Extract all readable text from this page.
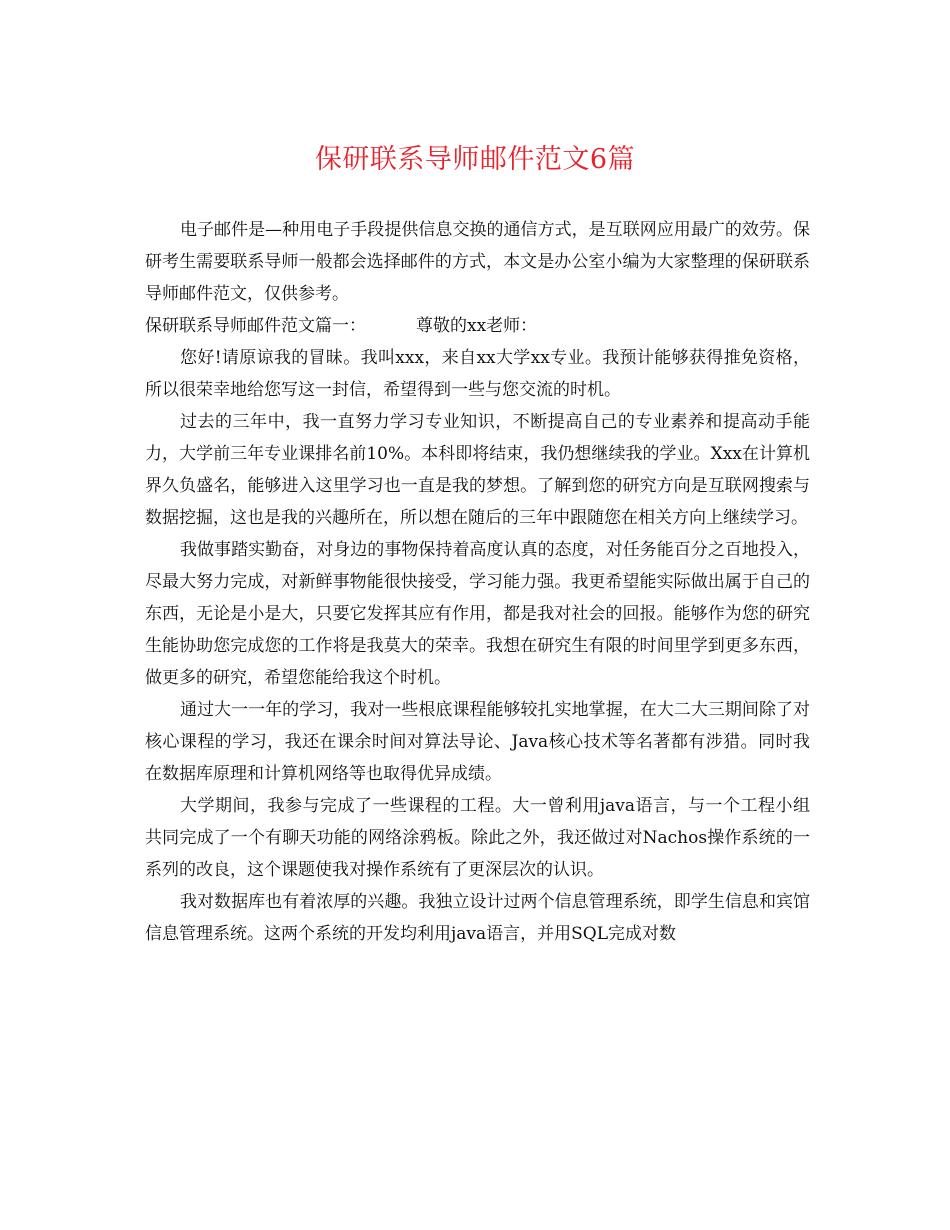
保研联系导师邮件范文6篇

电子邮件是—种用电子手段提供信息交换的通信方式，是互联网应用最广的效劳。保研考生需要联系导师一般都会选择邮件的方式，本文是办公室小编为大家整理的保研联系导师邮件范文，仅供参考。

保研联系导师邮件范文篇一：	尊敬的xx老师：

您好!请原谅我的冒昧。我叫xxx，来自xx大学xx专业。我预计能够获得推免资格，所以很荣幸地给您写这一封信，希望得到一些与您交流的时机。

过去的三年中，我一直努力学习专业知识，不断提高自己的专业素养和提高动手能力，大学前三年专业课排名前10%。本科即将结束，我仍想继续我的学业。Xxx在计算机界久负盛名，能够进入这里学习也一直是我的梦想。了解到您的研究方向是互联网搜索与数据挖掘，这也是我的兴趣所在，所以想在随后的三年中跟随您在相关方向上继续学习。

我做事踏实勤奋，对身边的事物保持着高度认真的态度，对任务能百分之百地投入，尽最大努力完成，对新鲜事物能很快接受，学习能力强。我更希望能实际做出属于自己的东西，无论是小是大，只要它发挥其应有作用，都是我对社会的回报。能够作为您的研究生能协助您完成您的工作将是我莫大的荣幸。我想在研究生有限的时间里学到更多东西，做更多的研究，希望您能给我这个时机。

通过大一一年的学习，我对一些根底课程能够较扎实地掌握，在大二大三期间除了对核心课程的学习，我还在课余时间对算法导论、Java核心技术等名著都有涉猎。同时我在数据库原理和计算机网络等也取得优异成绩。

大学期间，我参与完成了一些课程的工程。大一曾利用java语言，与一个工程小组共同完成了一个有聊天功能的网络涂鸦板。除此之外，我还做过对Nachos操作系统的一系列的改良，这个课题使我对操作系统有了更深层次的认识。

我对数据库也有着浓厚的兴趣。我独立设计过两个信息管理系统，即学生信息和宾馆信息管理系统。这两个系统的开发均利用java语言，并用SQL完成对数
